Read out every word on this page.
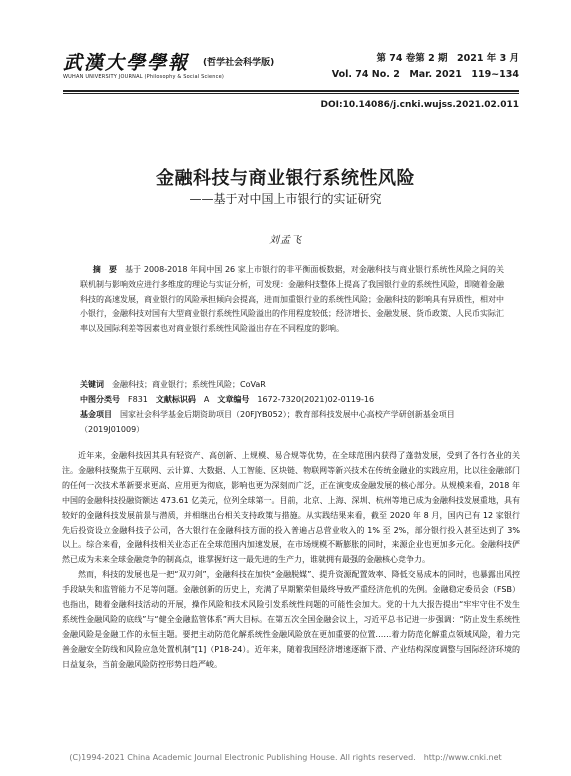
武漢大學學報 (哲学社会科学版)
WUHAN UNIVERSITY JOURNAL (Philosophy & Social Science)
第 74 卷第 2 期　2021 年 3 月
Vol. 74 No. 2　Mar. 2021　119~134
DOI:10.14086/j.cnki.wujss.2021.02.011
金融科技与商业银行系统性风险
——基于对中国上市银行的实证研究
刘孟飞

摘　要　 基于 2008-2018 年间中国 26 家上市银行的非平衡面板数据，对金融科技与商业银行系统性风险之间的关联机制与影响效应进行多维度的理论与实证分析，可发现：金融科技整体上提高了我国银行业的系统性风险，即随着金融科技的高速发展，商业银行的风险承担倾向会提高，进而加重银行业的系统性风险；金融科技的影响具有异质性，相对中小银行，金融科技对国有大型商业银行系统性风险溢出的作用程度较低；经济增长、金融发展、货币政策、人民币实际汇率以及国际利差等因素也对商业银行系统性风险溢出存在不同程度的影响。

关键词　 金融科技；商业银行；系统性风险；CoVaR
中图分类号　 F831　 文献标识码　 A　 文章编号　 1672-7320(2021)02-0119-16
基金项目　 国家社会科学基金后期资助项目（20FJYB052）；教育部科技发展中心高校产学研创新基金项目（2019J01009）

近年来，金融科技因其具有轻资产、高创新、上规模、易合规等优势，在全球范围内获得了蓬勃发展，受到了各行各业的关注。金融科技聚焦于互联网、云计算、大数据、人工智能、区块链、物联网等新兴技术在传统金融业的实践应用，比以往金融部门的任何一次技术革新要求更高、应用更为彻底，影响也更为深刻而广泛，正在演变成金融发展的核心部分。从规模来看，2018 年中国的金融科技投融资额达 473.61 亿美元，位列全球第一。目前，北京、上海、深圳、杭州等地已成为金融科技发展重地，具有较好的金融科技发展前景与潜质，并相继出台相关支持政策与措施。从实践结果来看，截至 2020 年 8 月，国内已有 12 家银行先后投资设立金融科技子公司，各大银行在金融科技方面的投入普遍占总营业收入的 1% 至 2%，部分银行投入甚至达到了 3% 以上。综合来看，金融科技相关业态正在全球范围内加速发展，在市场规模不断膨胀的同时，来源企业也更加多元化。金融科技俨然已成为未来全球金融竞争的制高点，谁掌握好这一最先进的生产力，谁就拥有最强的金融核心竞争力。

然而，科技的发展也是一把“双刃剑”，金融科技在加快“金融脱媒”、提升资源配置效率、降低交易成本的同时，也暴露出风控手段缺失和监管能力不足等问题。金融创新的历史上，充满了早期繁荣但最终导致严重经济危机的先例。金融稳定委员会（FSB）也指出，随着金融科技活动的开展，操作风险和技术风险引发系统性问题的可能性会加大。党的十九大报告提出“牢牢守住不发生系统性金融风险的底线”与“健全金融监管体系”两大目标。在第五次全国金融会议上，习近平总书记进一步强调：“防止发生系统性金融风险是金融工作的永恒主题。要把主动防范化解系统性金融风险放在更加重要的位置……着力防范化解重点领域风险，着力完善金融安全防线和风险应急处置机制”[1]（P18-24）。近年来，随着我国经济增速逐渐下滑、产业结构深度调整与国际经济环境的日益复杂，当前金融风险防控形势日趋严峻。

(C)1994-2021 China Academic Journal Electronic Publishing House. All rights reserved.　http://www.cnki.net
